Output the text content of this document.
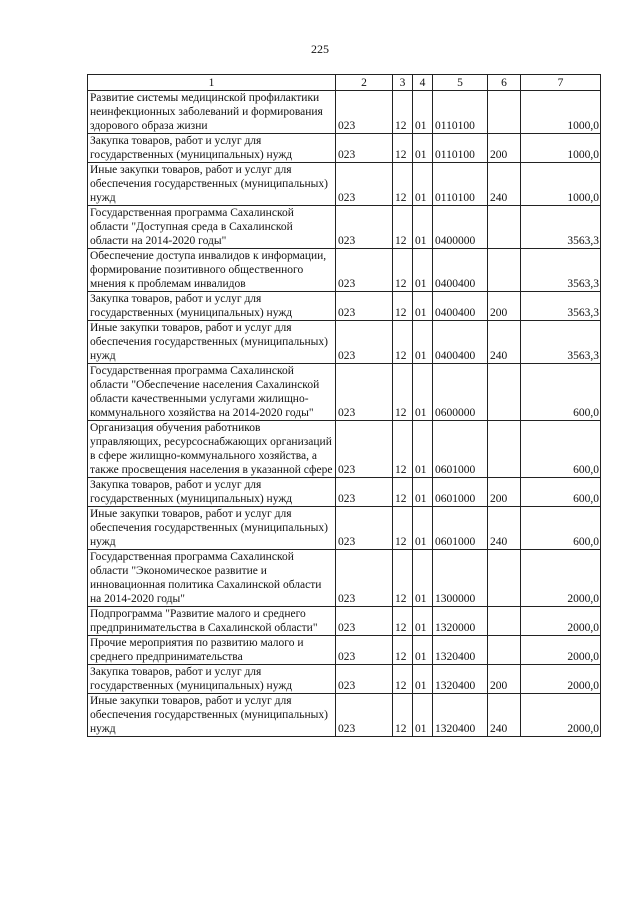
225
1	2	3	4	5	6	7
Развитие системы медицинской профилактики неинфекционных заболеваний и формирования здорового образа жизни	023	12	01	0110100		1000,0
Закупка товаров, работ и услуг для государственных (муниципальных) нужд	023	12	01	0110100	200	1000,0
Иные закупки товаров, работ и услуг для обеспечения государственных (муниципальных) нужд	023	12	01	0110100	240	1000,0
Государственная программа Сахалинской области "Доступная среда в Сахалинской области на 2014-2020 годы"	023	12	01	0400000		3563,3
Обеспечение доступа инвалидов к информации, формирование позитивного общественного мнения к проблемам инвалидов	023	12	01	0400400		3563,3
Закупка товаров, работ и услуг для государственных (муниципальных) нужд	023	12	01	0400400	200	3563,3
Иные закупки товаров, работ и услуг для обеспечения государственных (муниципальных) нужд	023	12	01	0400400	240	3563,3
Государственная программа Сахалинской области "Обеспечение населения Сахалинской области качественными услугами жилищно-коммунального хозяйства на 2014-2020 годы"	023	12	01	0600000		600,0
Организация обучения работников управляющих, ресурсоснабжающих организаций в сфере жилищно-коммунального хозяйства, а также просвещения населения в указанной сфере	023	12	01	0601000		600,0
Закупка товаров, работ и услуг для государственных (муниципальных) нужд	023	12	01	0601000	200	600,0
Иные закупки товаров, работ и услуг для обеспечения государственных (муниципальных) нужд	023	12	01	0601000	240	600,0
Государственная программа Сахалинской области "Экономическое развитие и инновационная политика Сахалинской области на 2014-2020 годы"	023	12	01	1300000		2000,0
Подпрограмма "Развитие малого и среднего предпринимательства в Сахалинской области"	023	12	01	1320000		2000,0
Прочие мероприятия по развитию малого и среднего предпринимательства	023	12	01	1320400		2000,0
Закупка товаров, работ и услуг для государственных (муниципальных) нужд	023	12	01	1320400	200	2000,0
Иные закупки товаров, работ и услуг для обеспечения государственных (муниципальных) нужд	023	12	01	1320400	240	2000,0
